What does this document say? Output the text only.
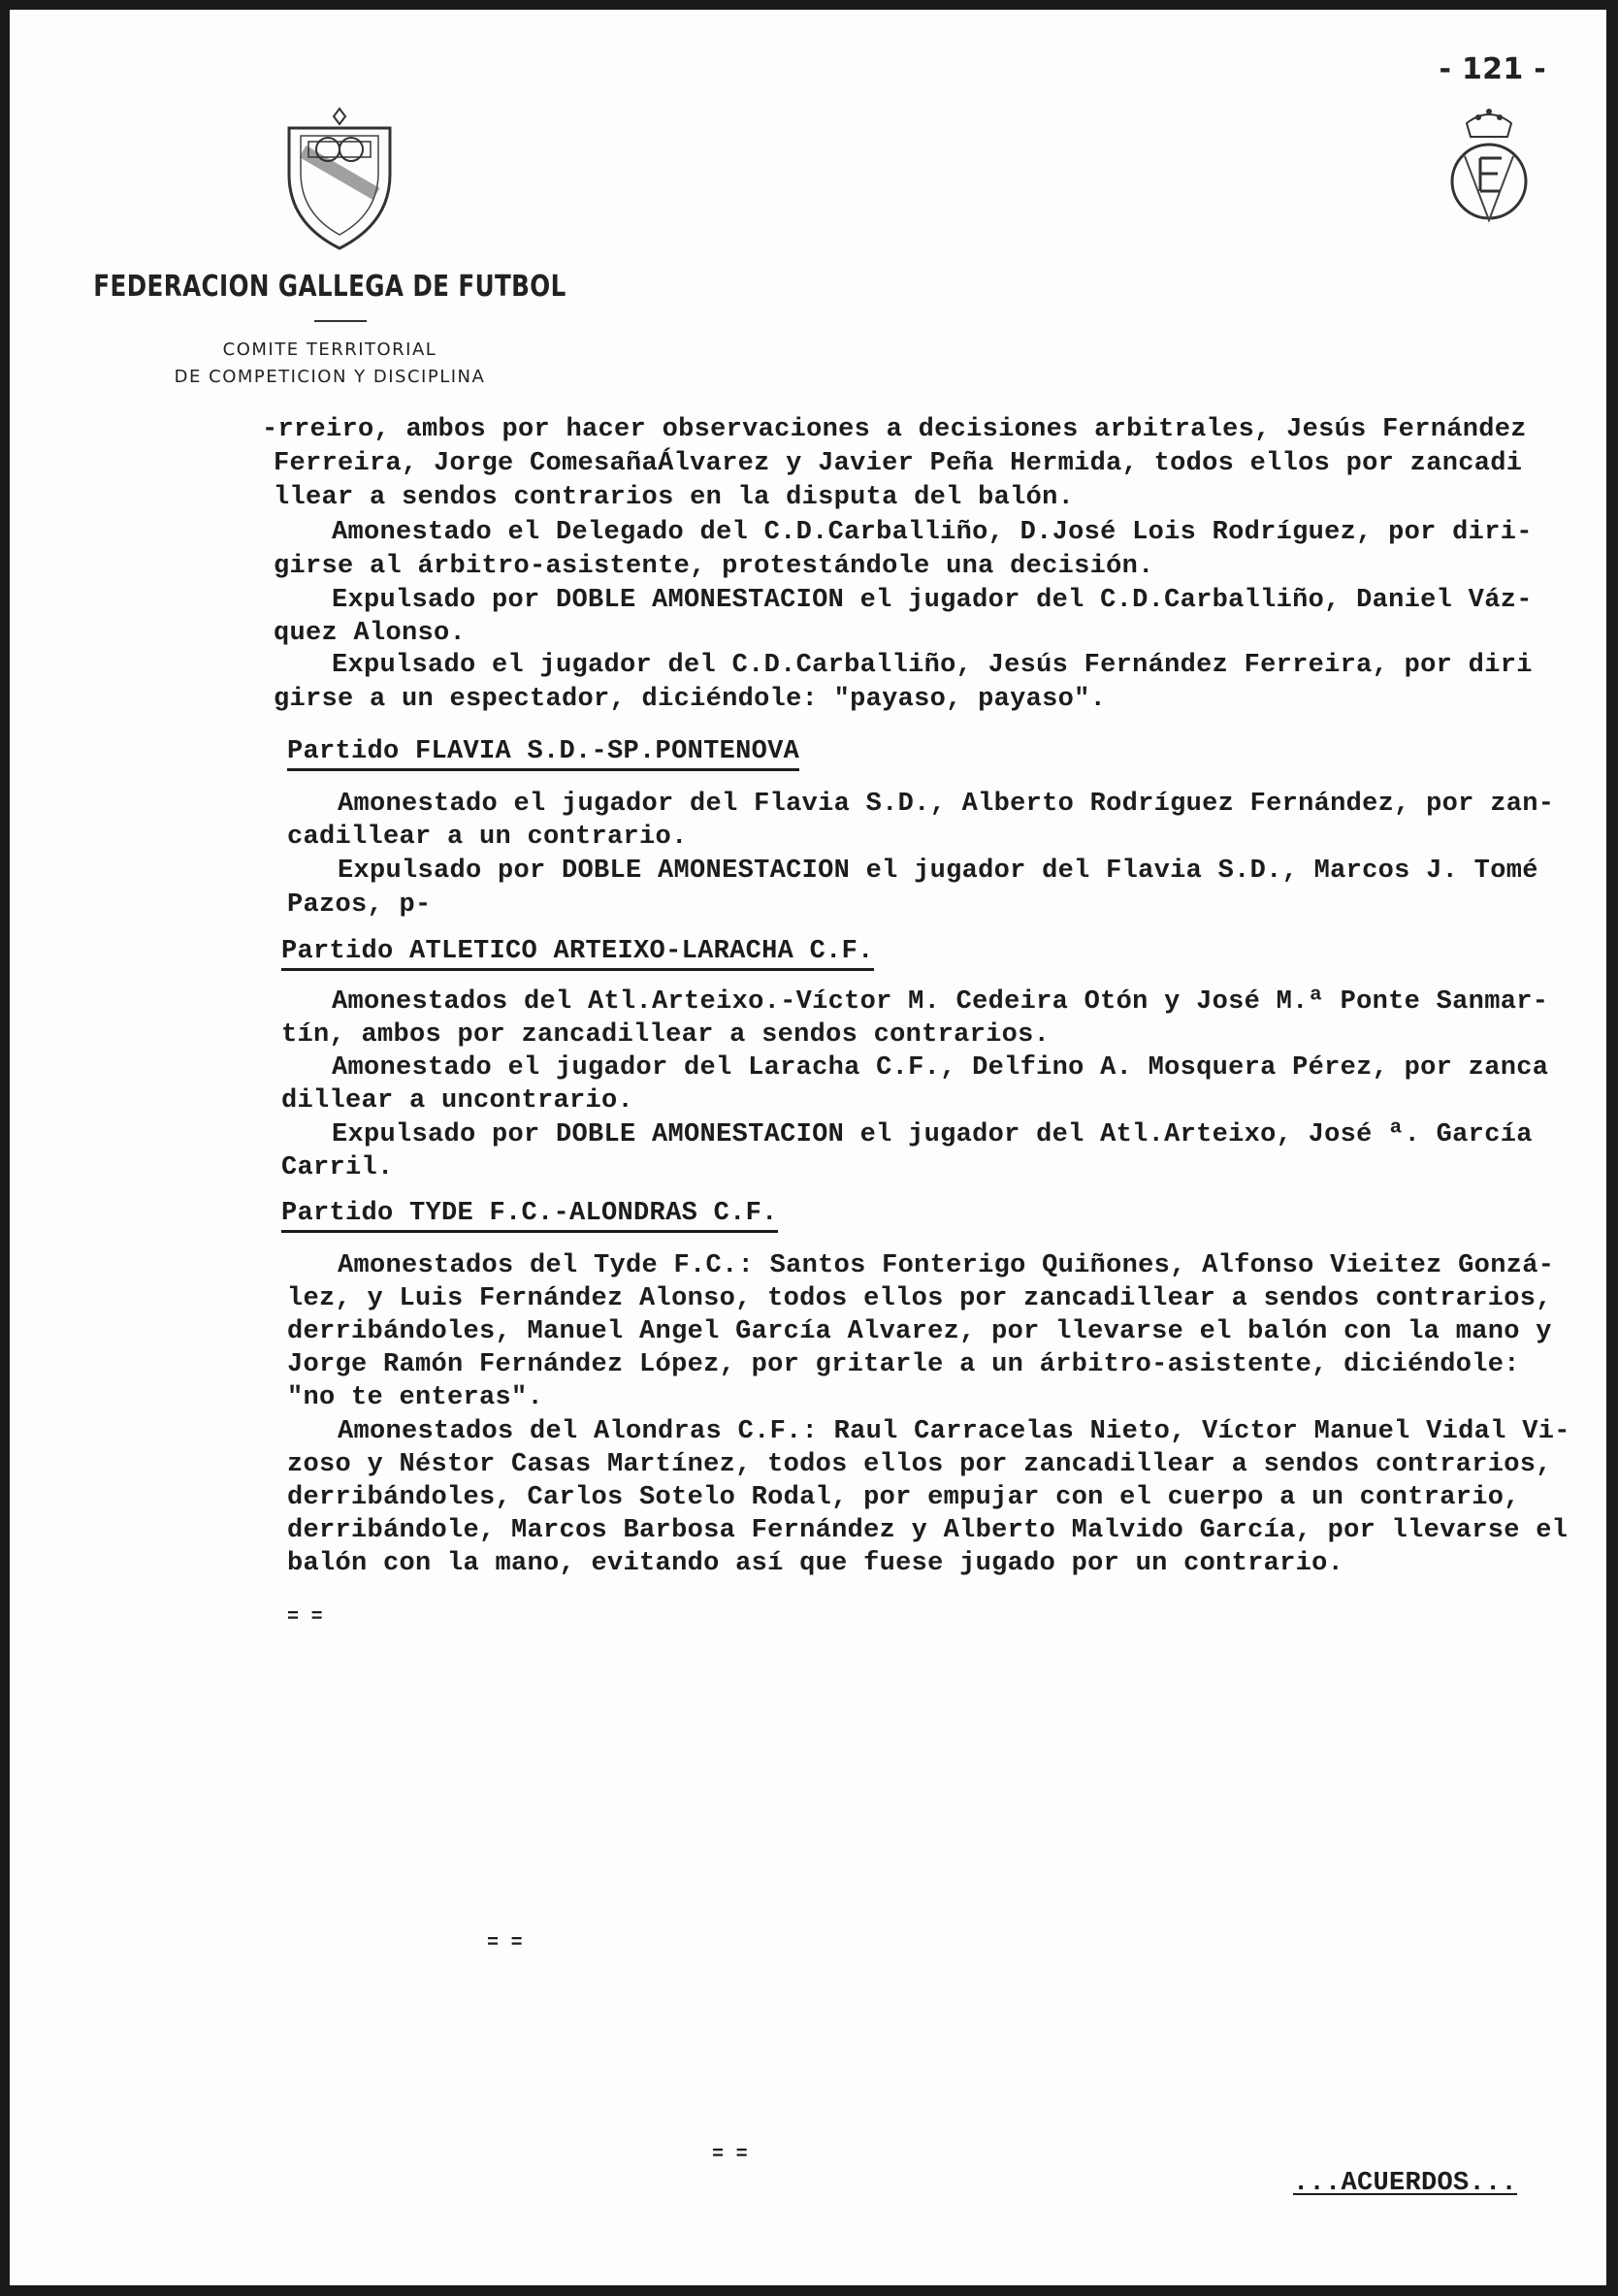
- 121 -
FEDERACION GALLEGA DE FUTBOL
COMITE TERRITORIAL
DE COMPETICION Y DISCIPLINA
-rreiro, ambos por hacer observaciones a decisiones arbitrales, Jesús Fernández
Ferreira, Jorge ComesañaÁlvarez y Javier Peña Hermida, todos ellos por zancadi
llear a sendos contrarios en la disputa del balón.
Amonestado el Delegado del C.D.Carballiño, D.José Lois Rodríguez, por diri-
girse al árbitro-asistente, protestándole una decisión.
Expulsado por DOBLE AMONESTACION el jugador del C.D.Carballiño, Daniel Váz-
quez Alonso.
Expulsado el jugador del C.D.Carballiño, Jesús Fernández Ferreira, por diri
girse a un espectador, diciéndole: "payaso, payaso".
Partido FLAVIA S.D.-SP.PONTENOVA
Amonestado el jugador del Flavia S.D., Alberto Rodríguez Fernández, por zan-
cadillear a un contrario.
Expulsado por DOBLE AMONESTACION el jugador del Flavia S.D., Marcos J. Tomé
Pazos, p-
Partido ATLETICO ARTEIXO-LARACHA C.F.
Amonestados del Atl.Arteixo.-Víctor M. Cedeira Otón y José M.ª Ponte Sanmar-
tín, ambos por zancadillear a sendos contrarios.
Amonestado el jugador del Laracha C.F., Delfino A. Mosquera Pérez, por zanca
dillear a uncontrario.
Expulsado por DOBLE AMONESTACION el jugador del Atl.Arteixo, José ª. García
Carril.
Partido TYDE F.C.-ALONDRAS C.F.
Amonestados del Tyde F.C.: Santos Fonterigo Quiñones, Alfonso Vieitez Gonzá-
lez, y Luis Fernández Alonso, todos ellos por zancadillear a sendos contrarios,
derribándoles, Manuel Angel García Alvarez, por llevarse el balón con la mano y
Jorge Ramón Fernández López, por gritarle a un árbitro-asistente, diciéndole:
"no te enteras".
Amonestados del Alondras C.F.: Raul Carracelas Nieto, Víctor Manuel Vidal Vi-
zoso y Néstor Casas Martínez, todos ellos por zancadillear a sendos contrarios,
derribándoles, Carlos Sotelo Rodal, por empujar con el cuerpo a un contrario,
derribándole, Marcos Barbosa Fernández y Alberto Malvido García, por llevarse el
balón con la mano, evitando así que fuese jugado por un contrario.
= =
= =
= =
...ACUERDOS...
